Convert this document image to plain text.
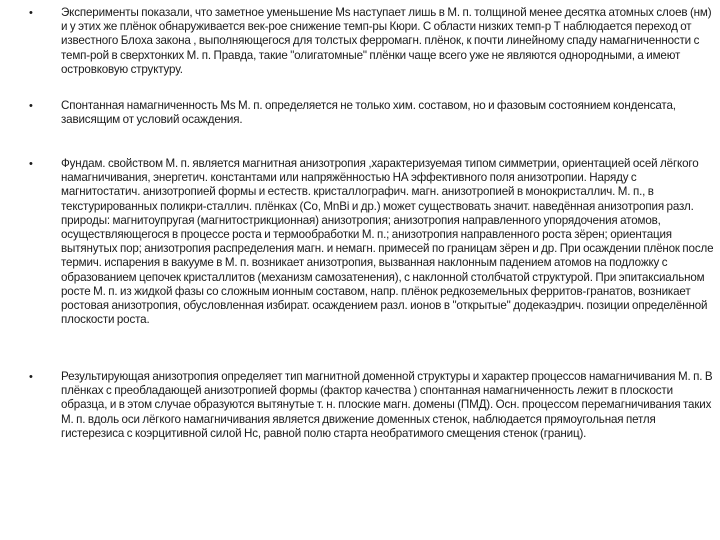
• Эксперименты показали, что заметное уменьшение Ms наступает лишь в М. п. толщиной менее десятка атомных слоев (нм) и у этих же плёнок обнаруживается век-рое снижение темп-ры Кюри. С области низких темп-р Т наблюдается переход от известного Блоха закона , выполняющегося для толстых ферромагн. плёнок, к почти линейному спаду намагниченности с темп-рой в сверхтонких М. п. Правда, такие "олигатомные" плёнки чаще всего уже не являются однородными, а имеют островковую структуру.

• Спонтанная намагниченность Ms М. п. определяется не только хим. составом, но и фазовым состоянием конденсата, зависящим от условий осаждения.

• Фундам. свойством М. п. является магнитная анизотропия ,характеризуемая типом симметрии, ориентацией осей лёгкого намагничивания, энергетич. константами или напряжённостью НА эффективного поля анизотропии. Наряду с магнитостатич. анизотропией формы и естеств. кристаллографич. магн. анизотропией в монокристаллич. М. п., в текстурированных поликри-сталлич. плёнках (Со, MnBi и др.) может существовать значит. наведённая анизотропия разл. природы: магнитоупругая (магнитострикционная) анизотропия; анизотропия направленного упорядочения атомов, осуществляющегося в процессе роста и термообработки М. п.; анизотропия направленного роста зёрен; ориентация вытянутых пор; анизотропия распределения магн. и немагн. примесей по границам зёрен и др. При осаждении плёнок после термич. испарения в вакууме в М. п. возникает анизотропия, вызванная наклонным падением атомов на подложку с образованием цепочек кристаллитов (механизм самозатенения), с наклонной столбчатой структурой. При эпитаксиальном росте М. п. из жидкой фазы со сложным ионным составом, напр. плёнок редкоземельных ферритов-гранатов, возникает ростовая анизотропия, обусловленная избират. осаждением разл. ионов в "открытые" додекаэдрич. позиции определённой плоскости роста.

• Результирующая анизотропия определяет тип магнитной доменной структуры и характер процессов намагничивания М. п. В плёнках с преобладающей анизотропией формы (фактор качества ) спонтанная намагниченность лежит в плоскости образца, и в этом случае образуются вытянутые т. н. плоские магн. домены (ПМД). Осн. процессом перемагничивания таких М. п. вдоль оси лёгкого намагничивания является движение доменных стенок, наблюдается прямоугольная петля гистерезиса с коэрцитивной силой Нс, равной полю старта необратимого смещения стенок (границ).
